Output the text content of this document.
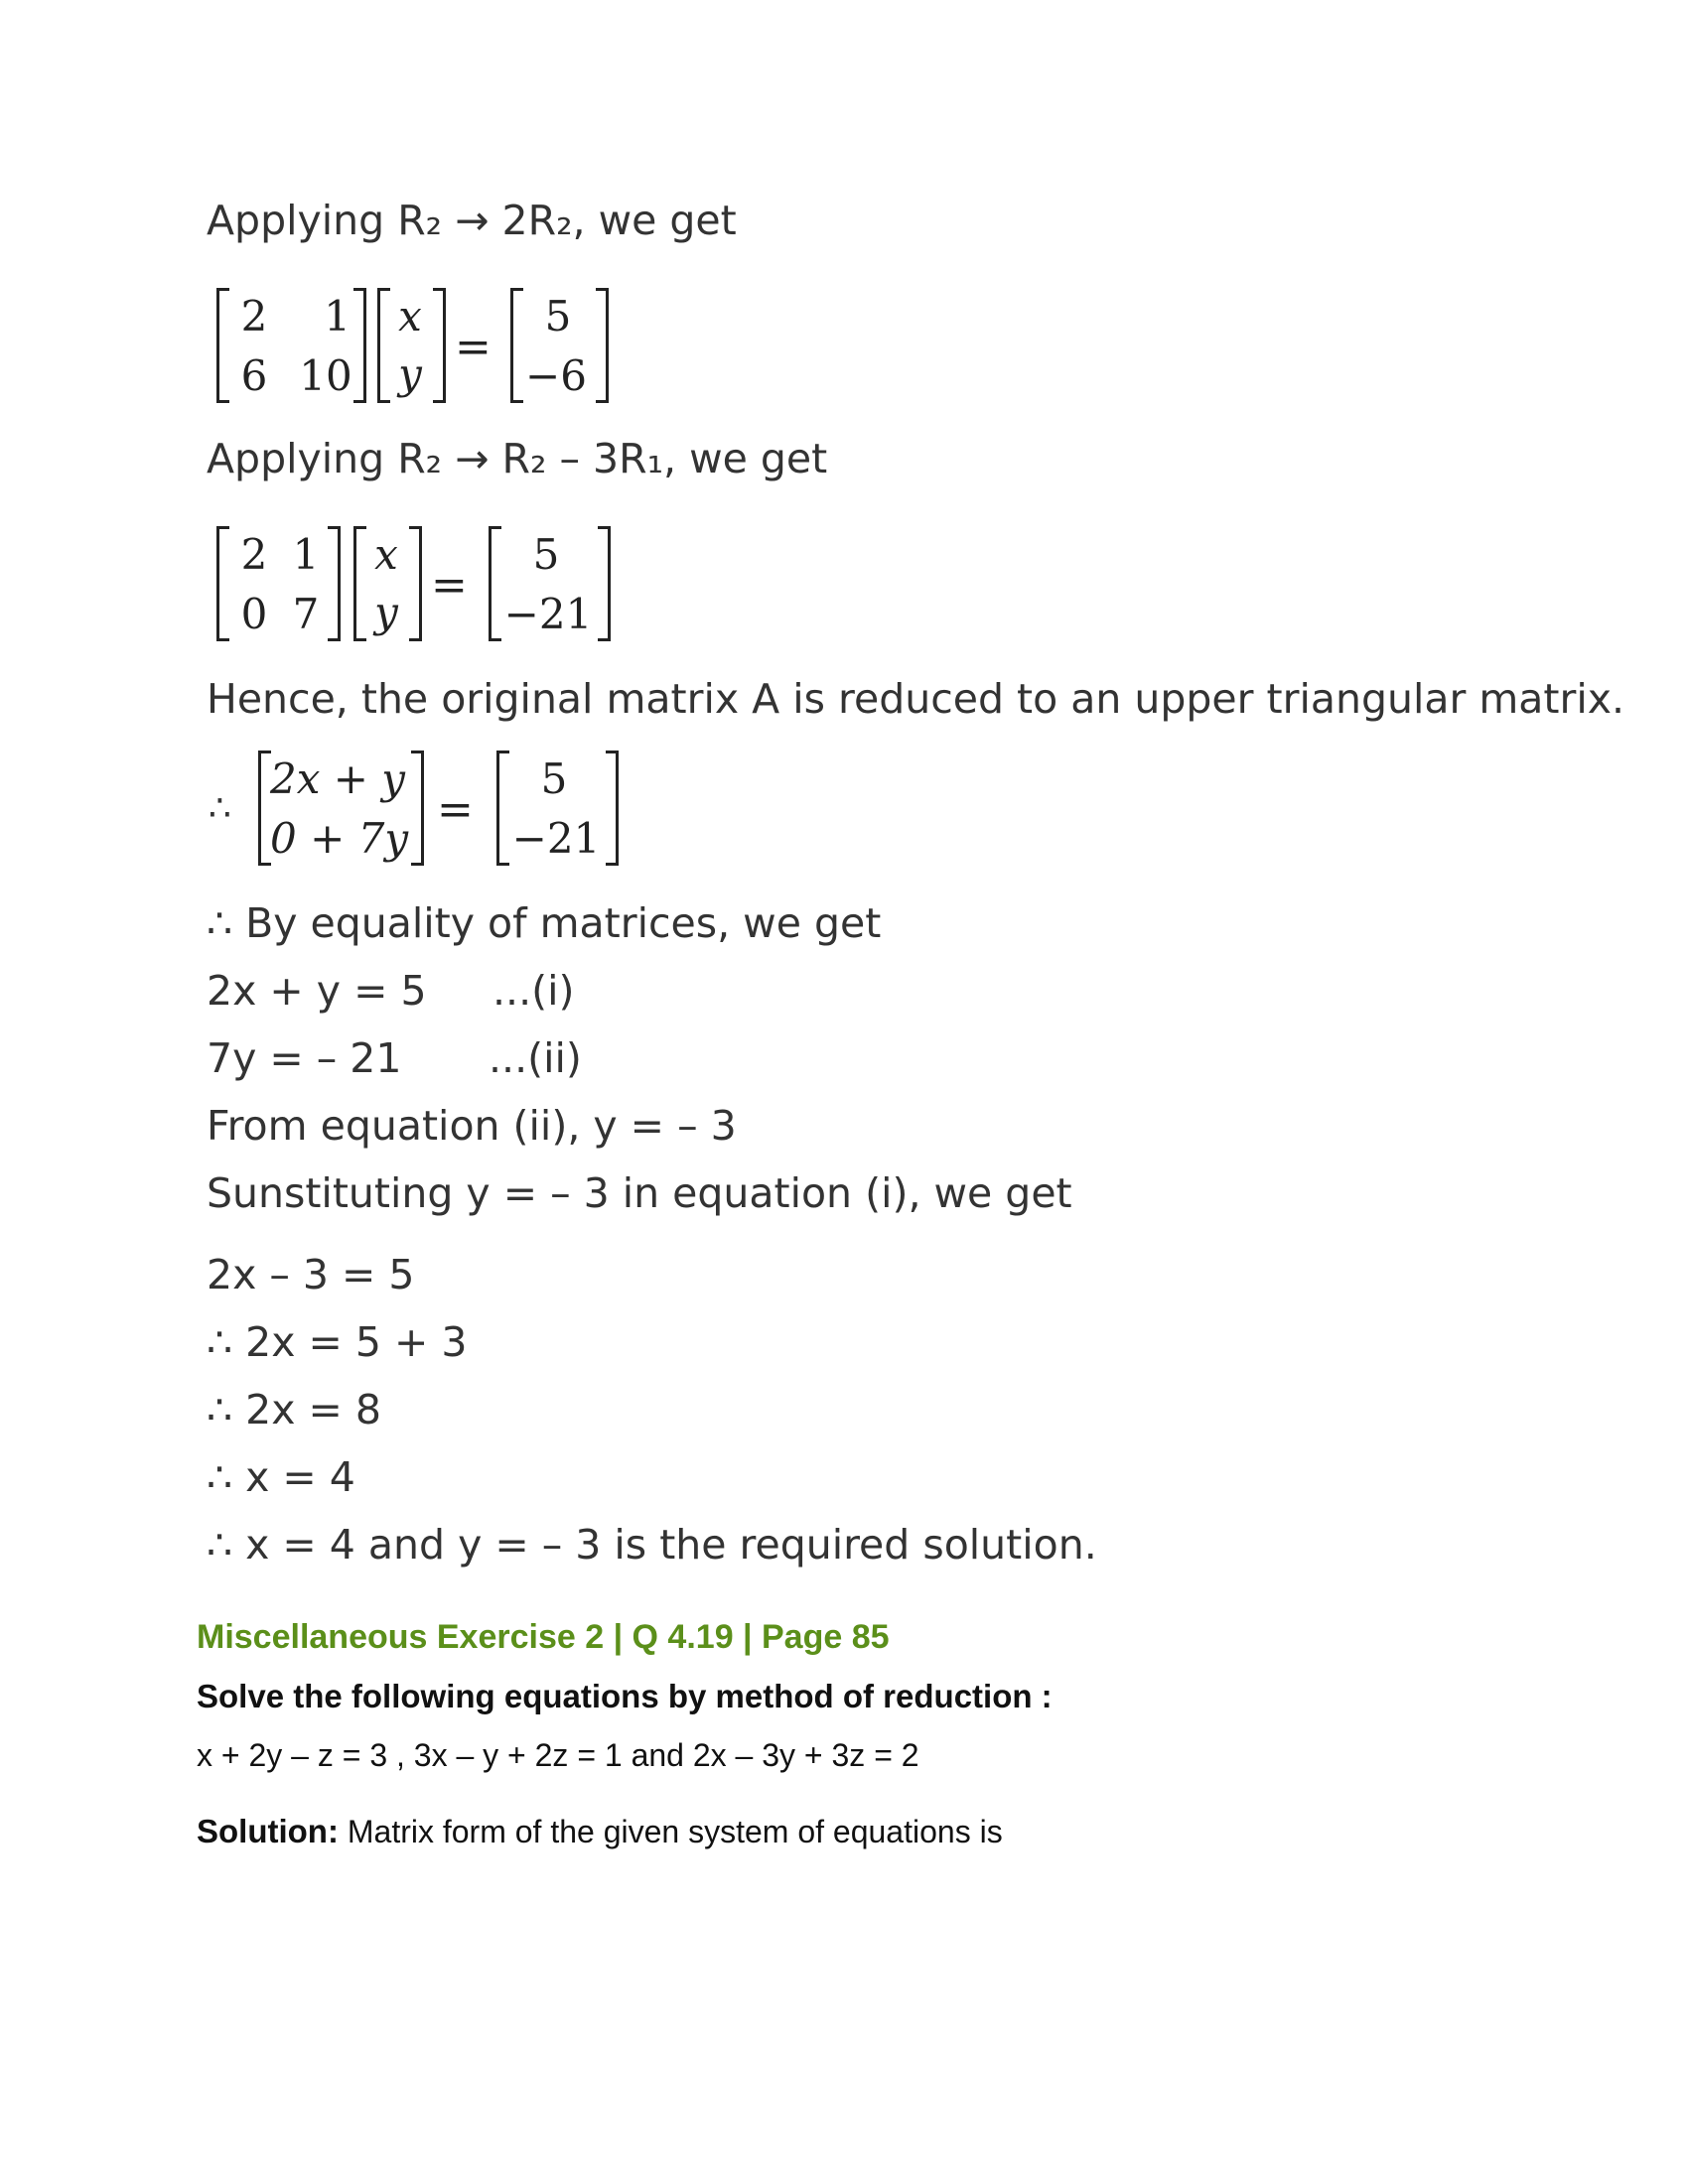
Applying R₂ → 2R₂, we get
2	1
6 10
x
y
=
5
−6
Applying R₂ → R₂ – 3R₁, we get
2 1
0 7
x
y
=
5
−21
Hence, the original matrix A is reduced to an upper triangular matrix.
∴
2x + y
0 + 7y
=
5
−21
∴ By equality of matrices, we get
2x + y = 5 ...(i)
7y = – 21 ...(ii)
From equation (ii), y = – 3
Sunstituting y = – 3 in equation (i), we get
2x – 3 = 5
∴ 2x = 5 + 3
∴ 2x = 8
∴ x = 4
∴ x = 4 and y = – 3 is the required solution.
Miscellaneous Exercise 2 | Q 4.19 | Page 85
Solve the following equations by method of reduction :
x + 2y – z = 3 , 3x – y + 2z = 1 and 2x – 3y + 3z = 2
Solution: Matrix form of the given system of equations is
